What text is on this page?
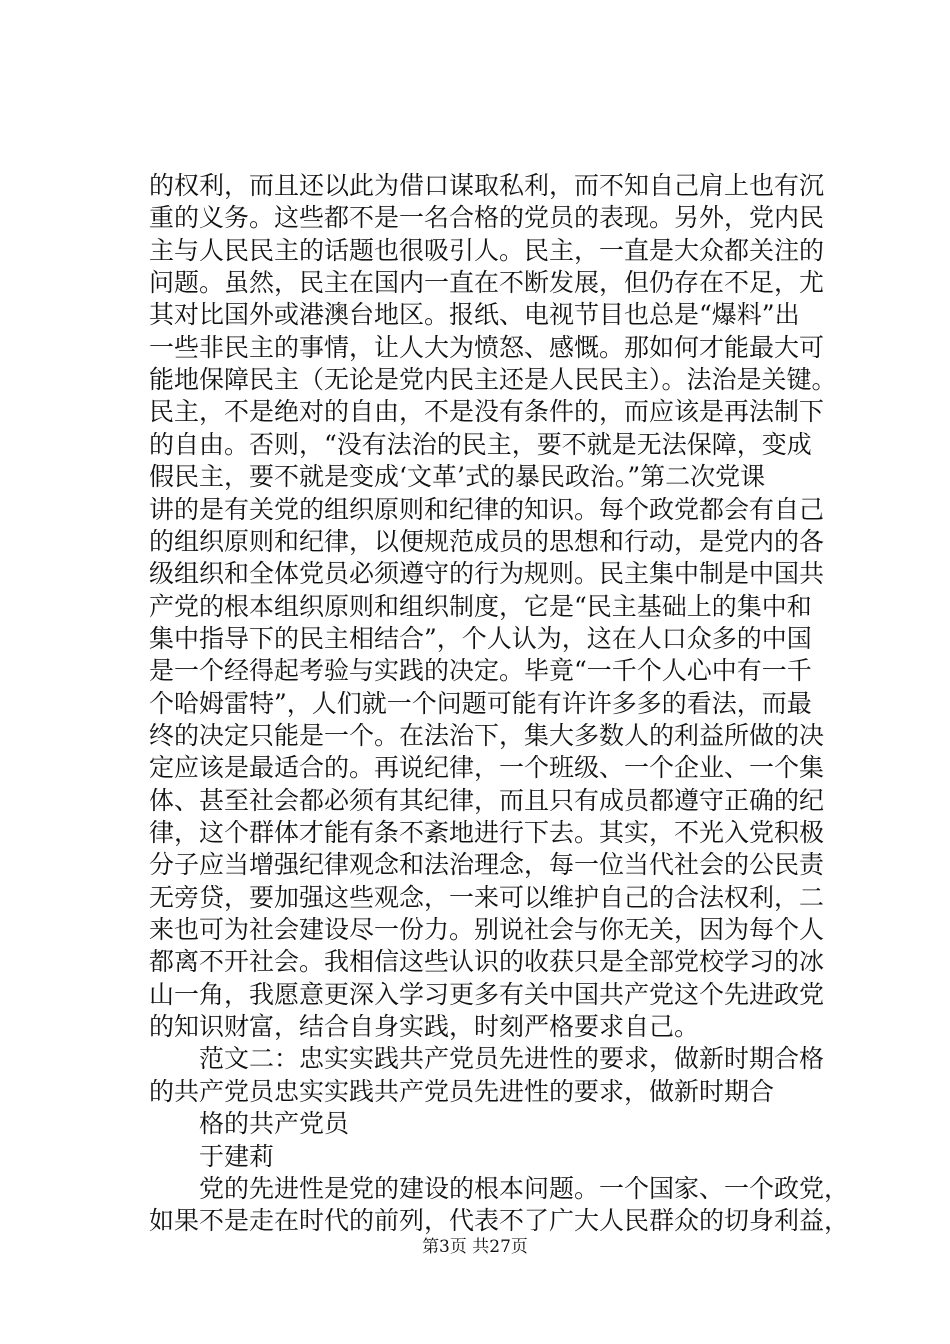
的权利，而且还以此为借口谋取私利，而不知自己肩上也有沉
重的义务。这些都不是一名合格的党员的表现。另外，党内民
主与人民民主的话题也很吸引人。民主，一直是大众都关注的
问题。虽然，民主在国内一直在不断发展，但仍存在不足，尤
其对比国外或港澳台地区。报纸、电视节目也总是“爆料”出
一些非民主的事情，让人大为愤怒、感慨。那如何才能最大可
能地保障民主（无论是党内民主还是人民民主）。法治是关键。
民主，不是绝对的自由，不是没有条件的，而应该是再法制下
的自由。否则，“没有法治的民主，要不就是无法保障，变成
假民主，要不就是变成‘文革’式的暴民政治。”第二次党课
讲的是有关党的组织原则和纪律的知识。每个政党都会有自己
的组织原则和纪律，以便规范成员的思想和行动，是党内的各
级组织和全体党员必须遵守的行为规则。民主集中制是中国共
产党的根本组织原则和组织制度，它是“民主基础上的集中和
集中指导下的民主相结合”，个人认为，这在人口众多的中国
是一个经得起考验与实践的决定。毕竟“一千个人心中有一千
个哈姆雷特”，人们就一个问题可能有许许多多的看法，而最
终的决定只能是一个。在法治下，集大多数人的利益所做的决
定应该是最适合的。再说纪律，一个班级、一个企业、一个集
体、甚至社会都必须有其纪律，而且只有成员都遵守正确的纪
律，这个群体才能有条不紊地进行下去。其实，不光入党积极
分子应当增强纪律观念和法治理念，每一位当代社会的公民责
无旁贷，要加强这些观念，一来可以维护自己的合法权利，二
来也可为社会建设尽一份力。别说社会与你无关，因为每个人
都离不开社会。我相信这些认识的收获只是全部党校学习的冰
山一角，我愿意更深入学习更多有关中国共产党这个先进政党
的知识财富，结合自身实践，时刻严格要求自己。
　　范文二：忠实实践共产党员先进性的要求，做新时期合格
的共产党员忠实实践共产党员先进性的要求，做新时期合
　　格的共产党员
　　于建莉
　　党的先进性是党的建设的根本问题。一个国家、一个政党，
如果不是走在时代的前列，代表不了广大人民群众的切身利益，
第3页 共27页
